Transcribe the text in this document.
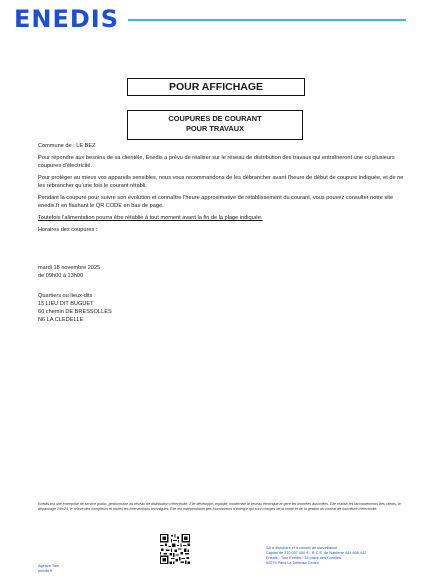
ENEDIS
POUR AFFICHAGE
COUPURES DE COURANT
POUR TRAVAUX

Commune de : LE BEZ

Pour répondre aux besoins de sa clientèle, Enedis a prévu de réaliser sur le réseau de distribution des travaux qui entraîneront une ou plusieurs coupures d’électricité.

Pour protéger au mieux vos appareils sensibles, nous vous recommandons de les débrancher avant l’heure de début de coupure indiquée, et de ne les rebrancher qu’une fois le courant rétabli.

Pendant la coupure pour suivre son évolution et connaître l’heure approximative de rétablissement du courant, vous pouvez consulter notre site enedis.fr en flashant le QR CODE en bas de page.

Toutefois l’alimentation pourra être rétablie à tout moment avant la fin de la plage indiquée.

Horaires des coupures :

mardi 18 novembre 2025
de 09h00 à 13h00
Quartiers ou lieux-dits :
15 LIEU DIT BUGUET
60 chemin DE BRESSOLLES
N6 LA CLEDELLE
Enedis est une entreprise de service public, gestionnaire du réseau de distribution d’électricité. Elle développe, exploite, modernise le réseau électrique et gère les données associées. Elle réalise les raccordements des clients, le dépannage 24h/24, le relevé des compteurs et toutes les interventions techniques. Elle est indépendante des fournisseurs d’énergie qui sont chargés de la vente et de la gestion du contrat de fourniture d’électricité.
Agence Tarn
enedis.fr
SA à directoire et à conseil de surveillance
Capital de 270 037 000 € - R.C.S. de Nanterre 444 608 442
Enedis - Tour Enedis - 34 place des Corolles
92079 Paris La Défense Cedex
